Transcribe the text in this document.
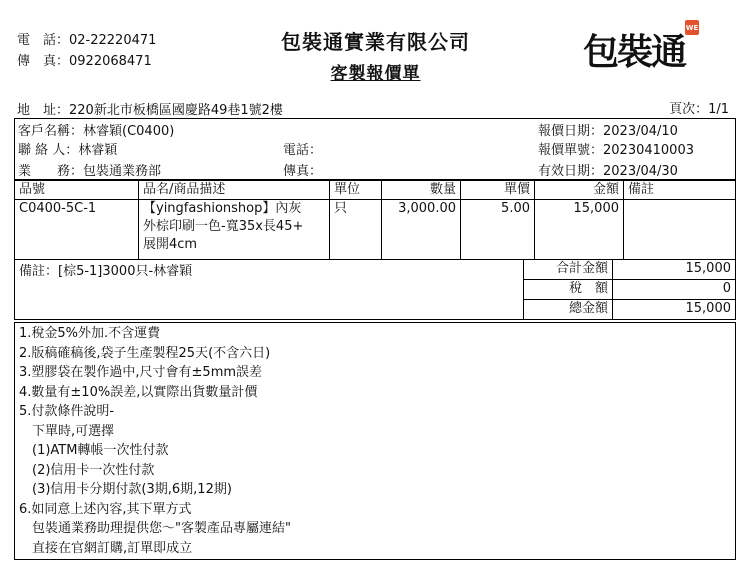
包裝通實業有限公司
客製報價單
包裝通
WE
電　話：02-22220471
傳　真：0922068471
地　址：220新北市板橋區國慶路49巷1號2樓	頁次：1/1
客戶名稱：林睿穎(C0400)
聯 絡 人：林睿穎
業　　務：包裝通業務部
電話：
傳真：
報價日期：2023/04/10
報價單號：20230410003
有效日期：2023/04/30
品號	品名/商品描述	單位	數量	單價	金額	備註
C0400-5C-1	【yingfashionshop】內灰
外棕印刷一色-寬35x長45+
展開4cm	只	3,000.00	5.00	15,000	
備註：[棕5-1]3000只-林睿穎	合計金額	15,000
	稅　額	0
	總金額	15,000
1.稅金5%外加.不含運費
2.版稿確稿後,袋子生產製程25天(不含六日)
3.塑膠袋在製作過中,尺寸會有±5mm誤差
4.數量有±10%誤差,以實際出貨數量計價
5.付款條件說明-
　下單時,可選擇
　(1)ATM轉帳一次性付款
　(2)信用卡一次性付款
　(3)信用卡分期付款(3期,6期,12期)
6.如同意上述內容,其下單方式
　包裝通業務助理提供您～"客製產品專屬連結"
　直接在官網訂購,訂單即成立
